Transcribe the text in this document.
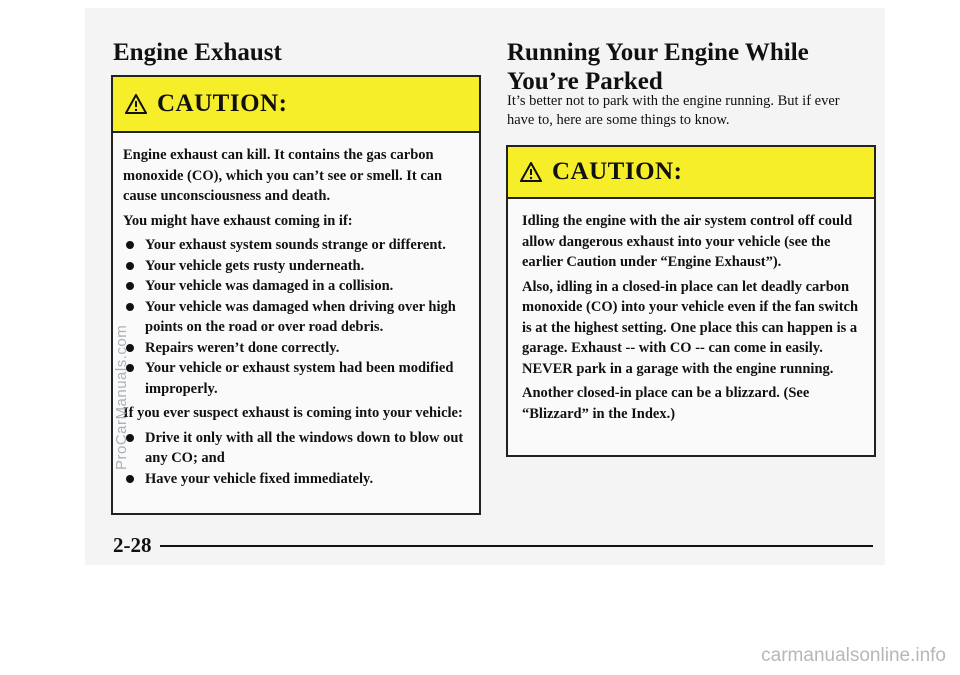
Engine Exhaust
CAUTION:

Engine exhaust can kill. It contains the gas carbon monoxide (CO), which you can’t see or smell. It can cause unconsciousness and death.

You might have exhaust coming in if:

Your exhaust system sounds strange or different.
Your vehicle gets rusty underneath.
Your vehicle was damaged in a collision.
Your vehicle was damaged when driving over high points on the road or over road debris.
Repairs weren’t done correctly.
Your vehicle or exhaust system had been modified improperly.

If you ever suspect exhaust is coming into your vehicle:

Drive it only with all the windows down to blow out any CO; and
Have your vehicle fixed immediately.
Running Your Engine While
You’re Parked

It’s better not to park with the engine running. But if ever have to, here are some things to know.

CAUTION:

Idling the engine with the air system control off could allow dangerous exhaust into your vehicle (see the earlier Caution under “Engine Exhaust”).

Also, idling in a closed-in place can let deadly carbon monoxide (CO) into your vehicle even if the fan switch is at the highest setting. One place this can happen is a garage. Exhaust -- with CO -- can come in easily. NEVER park in a garage with the engine running.

Another closed-in place can be a blizzard. (See “Blizzard” in the Index.)

2-28
ProCarManuals.com
carmanualsonline.info
